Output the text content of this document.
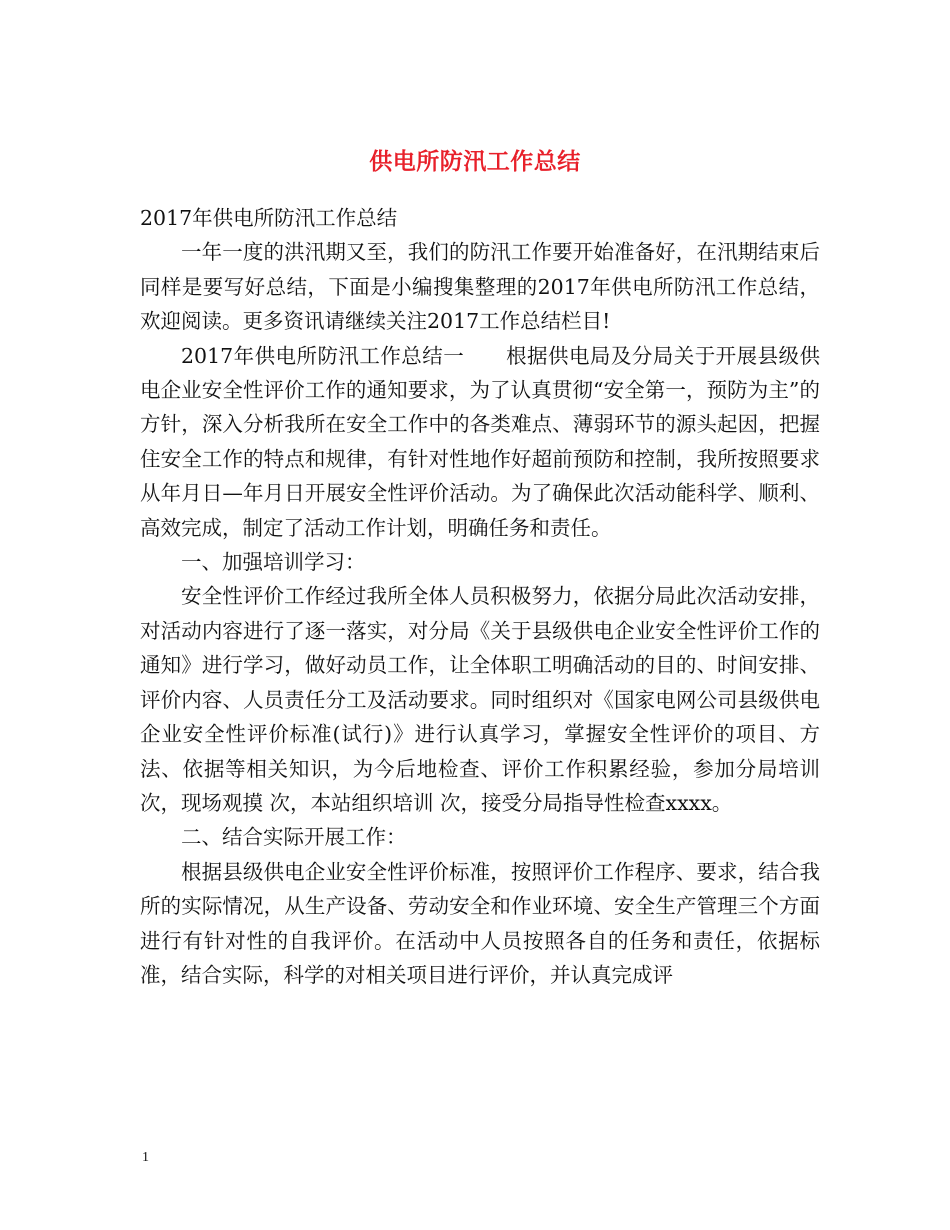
供电所防汛工作总结

2017年供电所防汛工作总结

一年一度的洪汛期又至，我们的防汛工作要开始准备好，在汛期结束后同样是要写好总结，下面是小编搜集整理的2017年供电所防汛工作总结，欢迎阅读。更多资讯请继续关注2017工作总结栏目!

2017年供电所防汛工作总结一　　根据供电局及分局关于开展县级供电企业安全性评价工作的通知要求，为了认真贯彻“安全第一，预防为主”的方针，深入分析我所在安全工作中的各类难点、薄弱环节的源头起因，把握住安全工作的特点和规律，有针对性地作好超前预防和控制，我所按照要求从年月日—年月日开展安全性评价活动。为了确保此次活动能科学、顺利、高效完成，制定了活动工作计划，明确任务和责任。

一、加强培训学习：

安全性评价工作经过我所全体人员积极努力，依据分局此次活动安排，对活动内容进行了逐一落实，对分局《关于县级供电企业安全性评价工作的通知》进行学习，做好动员工作，让全体职工明确活动的目的、时间安排、评价内容、人员责任分工及活动要求。同时组织对《国家电网公司县级供电企业安全性评价标准(试行)》进行认真学习，掌握安全性评价的项目、方法、依据等相关知识，为今后地检查、评价工作积累经验，参加分局培训 次，现场观摸 次，本站组织培训 次，接受分局指导性检查xxxx。

二、结合实际开展工作：

根据县级供电企业安全性评价标准，按照评价工作程序、要求，结合我所的实际情况，从生产设备、劳动安全和作业环境、安全生产管理三个方面进行有针对性的自我评价。在活动中人员按照各自的任务和责任，依据标准，结合实际，科学的对相关项目进行评价，并认真完成评

1
